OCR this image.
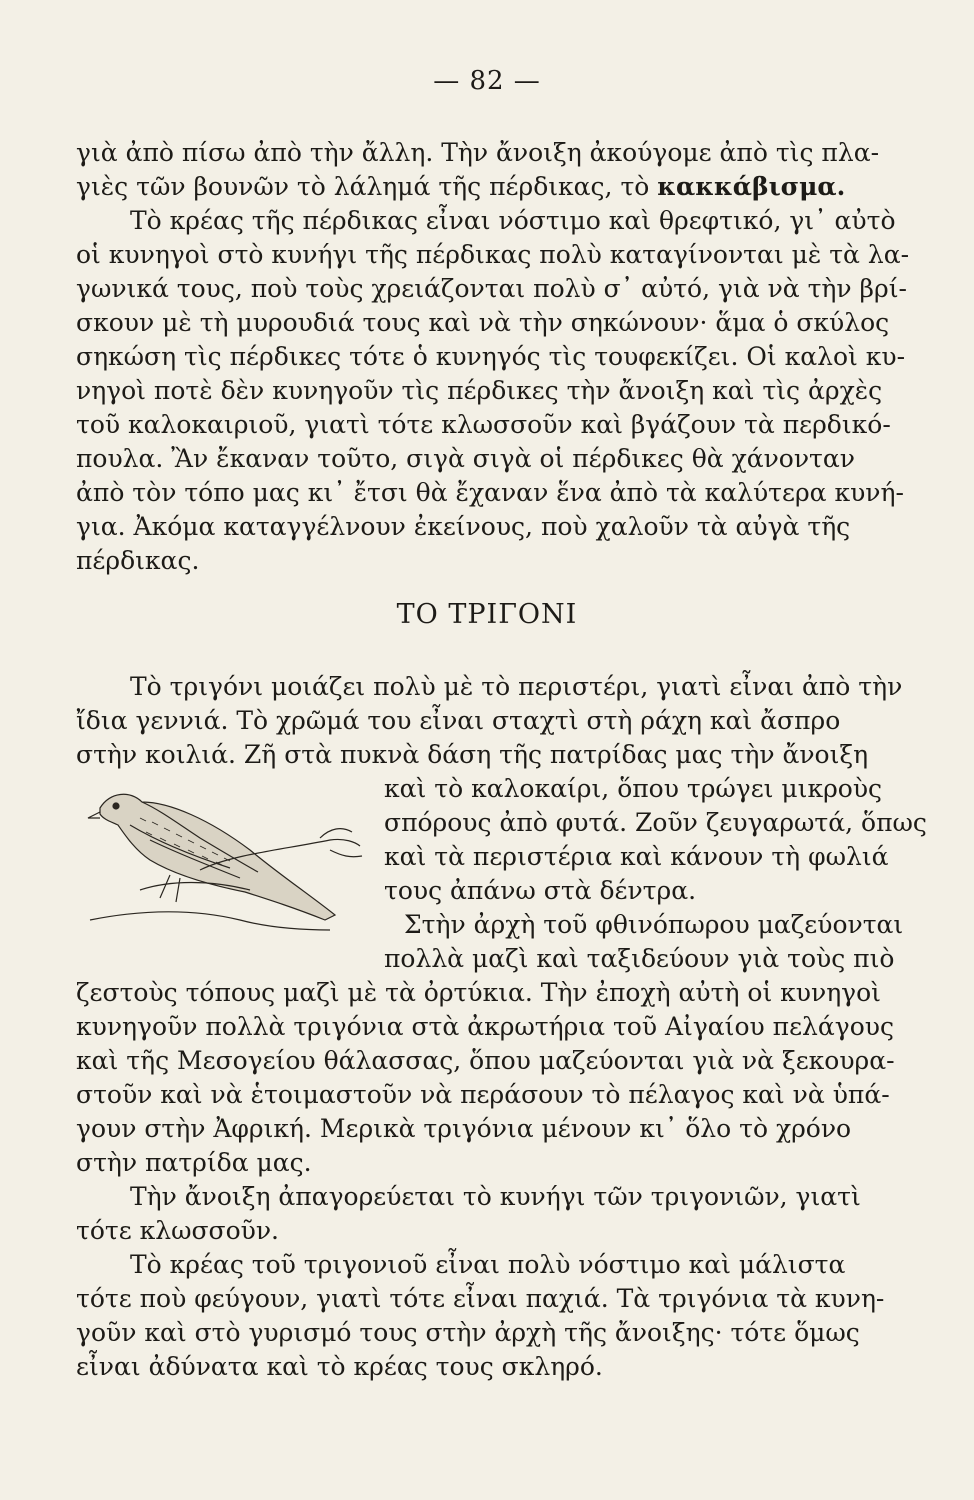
— 82 —
γιὰ ἀπὸ πίσω ἀπὸ τὴν ἄλλη. Τὴν ἄνοιξη ἀκούγομε ἀπὸ τὶς πλα-
γιὲς τῶν βουνῶν τὸ λάλημά τῆς πέρδικας, τὸ
κακκάβισμα.
Τὸ κρέας τῆς πέρδικας εἶναι νόστιμο καὶ θρεφτικό, γι᾽ αὐτὸ
οἱ κυνηγοὶ στὸ κυνήγι τῆς πέρδικας πολὺ καταγίνονται μὲ τὰ λα-
γωνικά τους, ποὺ τοὺς χρειάζονται πολὺ σ᾽ αὐτό, γιὰ νὰ τὴν βρί-
σκουν μὲ τὴ μυρουδιά τους καὶ νὰ τὴν σηκώνουν· ἅμα ὁ σκύλος
σηκώση τὶς πέρδικες τότε ὁ κυνηγός τὶς τουφεκίζει. Οἱ καλοὶ κυ-
νηγοὶ ποτὲ δὲν κυνηγοῦν τὶς πέρδικες τὴν ἄνοιξη καὶ τὶς ἀρχὲς
τοῦ καλοκαιριοῦ, γιατὶ τότε κλωσσοῦν καὶ βγάζουν τὰ περδικό-
πουλα. Ἂν ἔκαναν τοῦτο, σιγὰ σιγὰ οἱ πέρδικες θὰ χάνονταν
ἀπὸ τὸν τόπο μας κι᾽ ἔτσι θὰ ἔχαναν ἕνα ἀπὸ τὰ καλύτερα κυνή-
για. Ἀκόμα καταγγέλνουν ἐκείνους, ποὺ χαλοῦν τὰ αὐγὰ τῆς
πέρδικας.
ΤΟ ΤΡΙΓΟΝΙ
Τὸ τριγόνι μοιάζει πολὺ μὲ τὸ περιστέρι, γιατὶ εἶναι ἀπὸ τὴν
ἴδια γεννιά. Τὸ χρῶμά του εἶναι σταχτὶ στὴ ράχη καὶ ἄσπρο
στὴν κοιλιά. Ζῆ στὰ πυκνὰ δάση τῆς πατρίδας μας τὴν ἄνοιξη
καὶ τὸ καλοκαίρι, ὅπου τρώγει μικροὺς
σπόρους ἀπὸ φυτά. Ζοῦν ζευγαρωτά, ὅπως
καὶ τὰ περιστέρια καὶ κάνουν τὴ φωλιά
τους ἀπάνω στὰ δέντρα.
Στὴν ἀρχὴ τοῦ φθινόπωρου μαζεύονται
πολλὰ μαζὶ καὶ ταξιδεύουν γιὰ τοὺς πιὸ
ζεστοὺς τόπους μαζὶ μὲ τὰ ὀρτύκια. Τὴν ἐποχὴ αὐτὴ οἱ κυνηγοὶ
κυνηγοῦν πολλὰ τριγόνια στὰ ἀκρωτήρια τοῦ Αἰγαίου πελάγους
καὶ τῆς Μεσογείου θάλασσας, ὅπου μαζεύονται γιὰ νὰ ξεκουρα-
στοῦν καὶ νὰ ἑτοιμαστοῦν νὰ περάσουν τὸ πέλαγος καὶ νὰ ὑπά-
γουν στὴν Ἀφρική. Μερικὰ τριγόνια μένουν κι᾽ ὅλο τὸ χρόνο
στὴν πατρίδα μας.
Τὴν ἄνοιξη ἀπαγορεύεται τὸ κυνήγι τῶν τριγονιῶν, γιατὶ
τότε κλωσσοῦν.
Τὸ κρέας τοῦ τριγονιοῦ εἶναι πολὺ νόστιμο καὶ μάλιστα
τότε ποὺ φεύγουν, γιατὶ τότε εἶναι παχιά. Τὰ τριγόνια τὰ κυνη-
γοῦν καὶ στὸ γυρισμό τους στὴν ἀρχὴ τῆς ἄνοιξης· τότε ὅμως
εἶναι ἀδύνατα καὶ τὸ κρέας τους σκληρό.
